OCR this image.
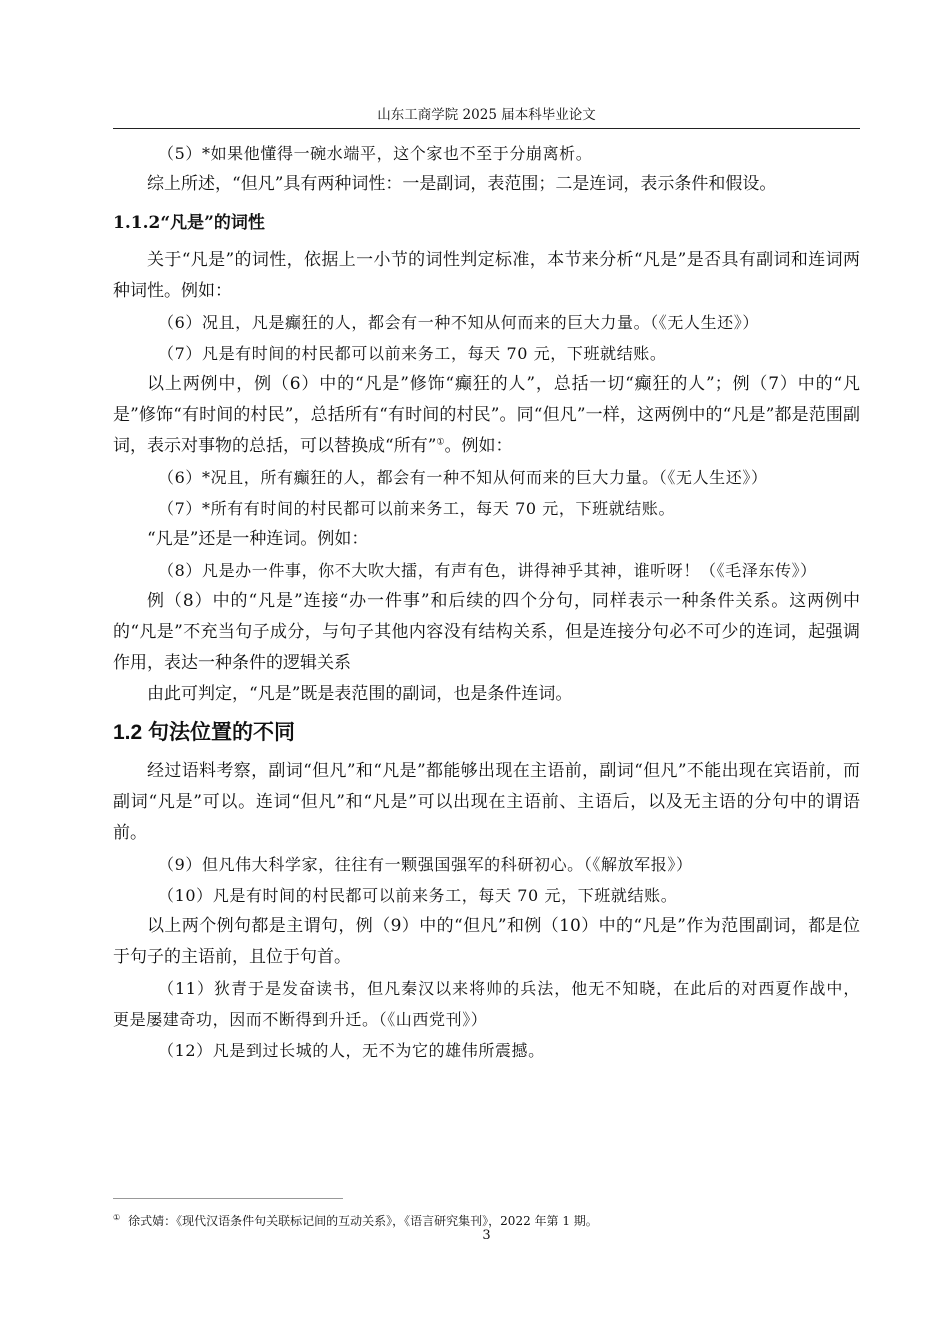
山东工商学院 2025 届本科毕业论文

（5）*如果他懂得一碗水端平，这个家也不至于分崩离析。

综上所述，“但凡”具有两种词性：一是副词，表范围；二是连词，表示条件和假设。

1.1.2“凡是”的词性

关于“凡是”的词性，依据上一小节的词性判定标准，本节来分析“凡是”是否具有副词和连词两种词性。例如：

（6）况且，凡是癫狂的人，都会有一种不知从何而来的巨大力量。（《无人生还》）

（7）凡是有时间的村民都可以前来务工，每天 70 元，下班就结账。

以上两例中，例（6）中的“凡是”修饰“癫狂的人”，总括一切“癫狂的人”；例（7）中的“凡是”修饰“有时间的村民”，总括所有“有时间的村民”。同“但凡”一样，这两例中的“凡是”都是范围副词，表示对事物的总括，可以替换成“所有”①。例如：

（6）*况且，所有癫狂的人，都会有一种不知从何而来的巨大力量。（《无人生还》）

（7）*所有有时间的村民都可以前来务工，每天 70 元，下班就结账。

“凡是”还是一种连词。例如：

（8）凡是办一件事，你不大吹大擂，有声有色，讲得神乎其神，谁听呀！（《毛泽东传》）

例（8）中的“凡是”连接“办一件事”和后续的四个分句，同样表示一种条件关系。这两例中的“凡是”不充当句子成分，与句子其他内容没有结构关系，但是连接分句必不可少的连词，起强调作用，表达一种条件的逻辑关系

由此可判定，“凡是”既是表范围的副词，也是条件连词。

1.2 句法位置的不同

经过语料考察，副词“但凡”和“凡是”都能够出现在主语前，副词“但凡”不能出现在宾语前，而副词“凡是”可以。连词“但凡”和“凡是”可以出现在主语前、主语后，以及无主语的分句中的谓语前。

（9）但凡伟大科学家，往往有一颗强国强军的科研初心。（《解放军报》）

（10）凡是有时间的村民都可以前来务工，每天 70 元，下班就结账。

以上两个例句都是主谓句，例（9）中的“但凡”和例（10）中的“凡是”作为范围副词，都是位于句子的主语前，且位于句首。

（11）狄青于是发奋读书，但凡秦汉以来将帅的兵法，他无不知晓，在此后的对西夏作战中，更是屡建奇功，因而不断得到升迁。（《山西党刊》）

（12）凡是到过长城的人，无不为它的雄伟所震撼。

① 徐式婧：《现代汉语条件句关联标记间的互动关系》，《语言研究集刊》，2022 年第 1 期。
3
